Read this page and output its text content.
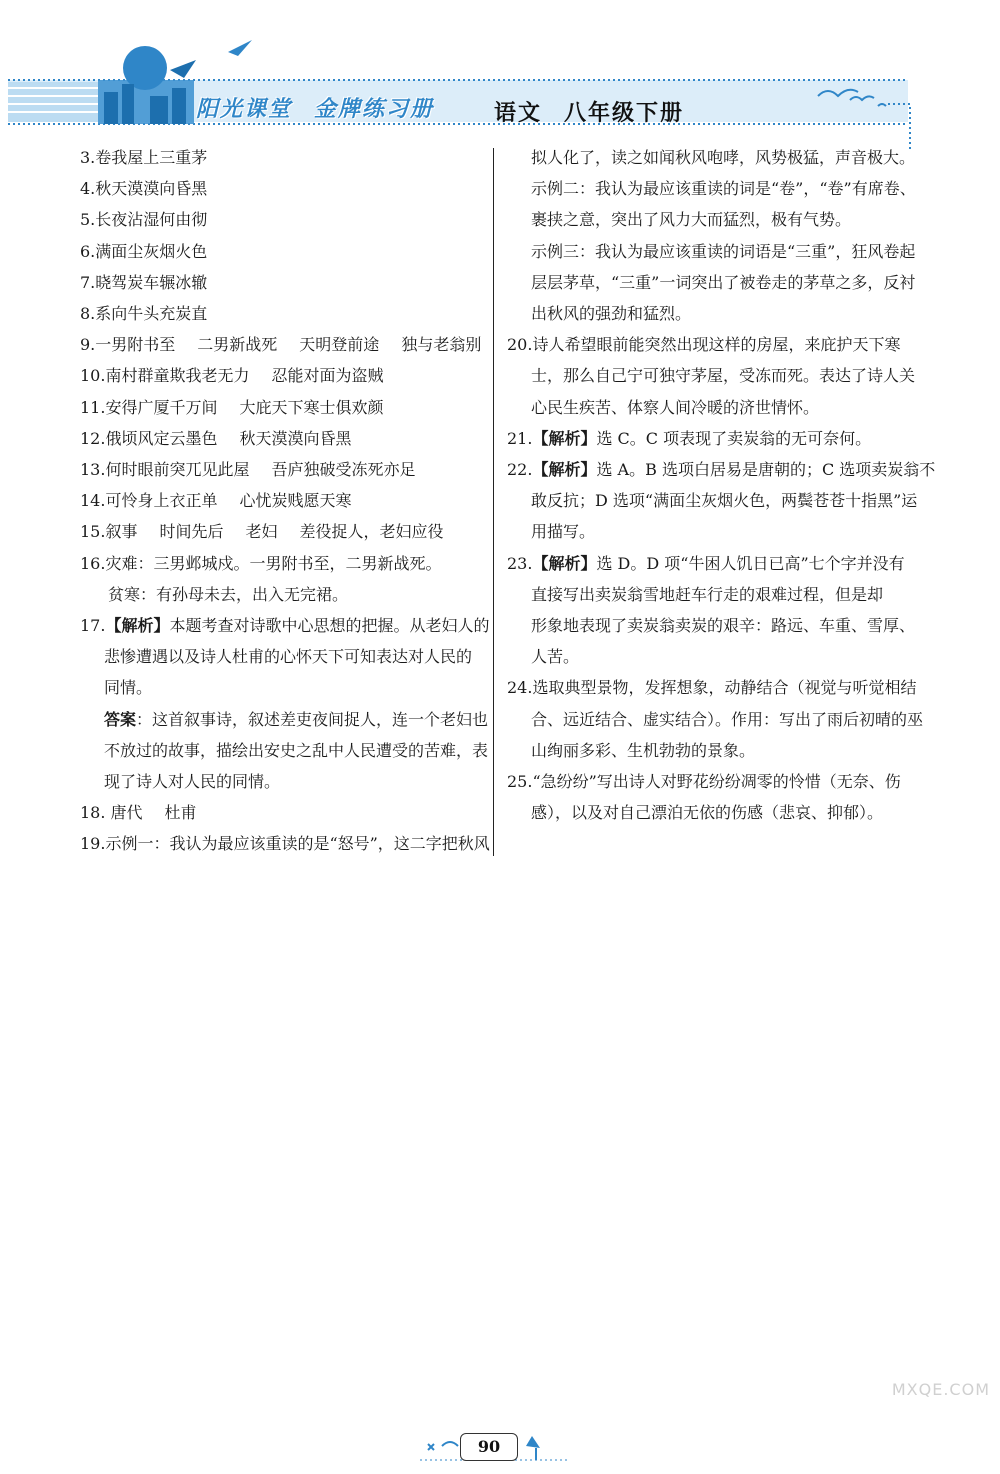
阳光课堂 金牌练习册	语文 八年级下册
3.卷我屋上三重茅
4.秋天漠漠向昏黑
5.长夜沾湿何由彻
6.满面尘灰烟火色
7.晓驾炭车辗冰辙
8.系向牛头充炭直
9.一男附书至 二男新战死 天明登前途 独与老翁别
10.南村群童欺我老无力 忍能对面为盗贼
11.安得广厦千万间 大庇天下寒士俱欢颜
12.俄顷风定云墨色 秋天漠漠向昏黑
13.何时眼前突兀见此屋 吾庐独破受冻死亦足
14.可怜身上衣正单 心忧炭贱愿天寒
15.叙事 时间先后 老妇 差役捉人，老妇应役
16.灾难：三男邺城戍。一男附书至，二男新战死。
贫寒：有孙母未去，出入无完裙。
17.【解析】本题考查对诗歌中心思想的把握。从老妇人的
悲惨遭遇以及诗人杜甫的心怀天下可知表达对人民的
同情。
答案：这首叙事诗，叙述差吏夜间捉人，连一个老妇也
不放过的故事，描绘出安史之乱中人民遭受的苦难，表
现了诗人对人民的同情。
18. 唐代 杜甫
19.示例一：我认为最应该重读的是“怒号”，这二字把秋风
拟人化了，读之如闻秋风咆哮，风势极猛，声音极大。
示例二：我认为最应该重读的词是“卷”，“卷”有席卷、
裹挟之意，突出了风力大而猛烈，极有气势。
示例三：我认为最应该重读的词语是“三重”，狂风卷起
层层茅草，“三重”一词突出了被卷走的茅草之多，反衬
出秋风的强劲和猛烈。
20.诗人希望眼前能突然出现这样的房屋，来庇护天下寒
士，那么自己宁可独守茅屋，受冻而死。表达了诗人关
心民生疾苦、体察人间冷暖的济世情怀。
21.【解析】选 C。C 项表现了卖炭翁的无可奈何。
22.【解析】选 A。B 选项白居易是唐朝的；C 选项卖炭翁不
敢反抗；D 选项“满面尘灰烟火色，两鬓苍苍十指黑”运
用描写。
23.【解析】选 D。D 项“牛困人饥日已高”七个字并没有
直接写出卖炭翁雪地赶车行走的艰难过程，但是却
形象地表现了卖炭翁卖炭的艰辛：路远、车重、雪厚、
人苦。
24.选取典型景物，发挥想象，动静结合（视觉与听觉相结
合、远近结合、虚实结合）。作用：写出了雨后初晴的巫
山绚丽多彩、生机勃勃的景象。
25.“急纷纷”写出诗人对野花纷纷凋零的怜惜（无奈、伤
感），以及对自己漂泊无依的伤感（悲哀、抑郁）。
90
MXQE.COM
